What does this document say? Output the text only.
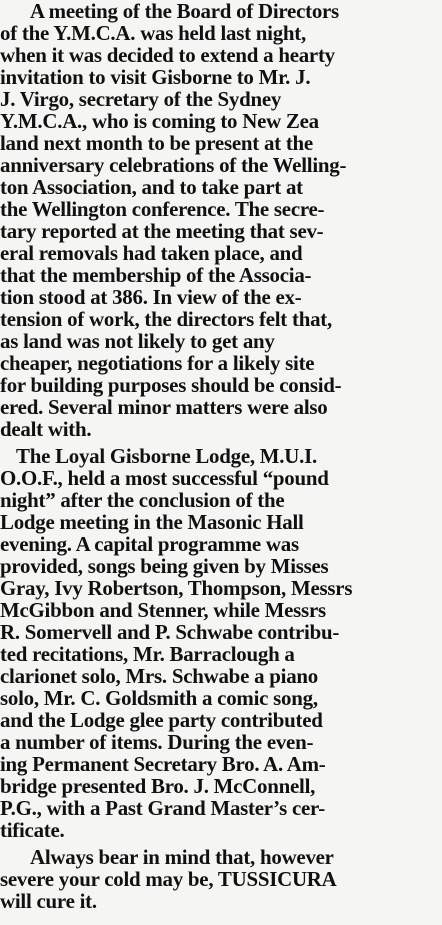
A meeting of the Board of Directors
of the Y.M.C.A. was held last night,
when it was decided to extend a hearty
invitation to visit Gisborne to Mr. J.
J. Virgo, secretary of the Sydney
Y.M.C.A., who is coming to New Zea
land next month to be present at the
anniversary celebrations of the Welling-
ton Association, and to take part at
the Wellington conference. The secre-
tary reported at the meeting that sev-
eral removals had taken place, and
that the membership of the Associa-
tion stood at 386. In view of the ex-
tension of work, the directors felt that,
as land was not likely to get any
cheaper, negotiations for a likely site
for building purposes should be consid-
ered. Several minor matters were also
dealt with.
The Loyal Gisborne Lodge, M.U.I.
O.O.F., held a most successful “pound
night” after the conclusion of the
Lodge meeting in the Masonic Hall
evening. A capital programme was
provided, songs being given by Misses
Gray, Ivy Robertson, Thompson, Messrs
McGibbon and Stenner, while Messrs
R. Somervell and P. Schwabe contribu-
ted recitations, Mr. Barraclough a
clarionet solo, Mrs. Schwabe a piano
solo, Mr. C. Goldsmith a comic song,
and the Lodge glee party contributed
a number of items. During the even-
ing Permanent Secretary Bro. A. Am-
bridge presented Bro. J. McConnell,
P.G., with a Past Grand Master’s cer-
tificate.
Always bear in mind that, however
severe your cold may be, TUSSICURA
will cure it.
